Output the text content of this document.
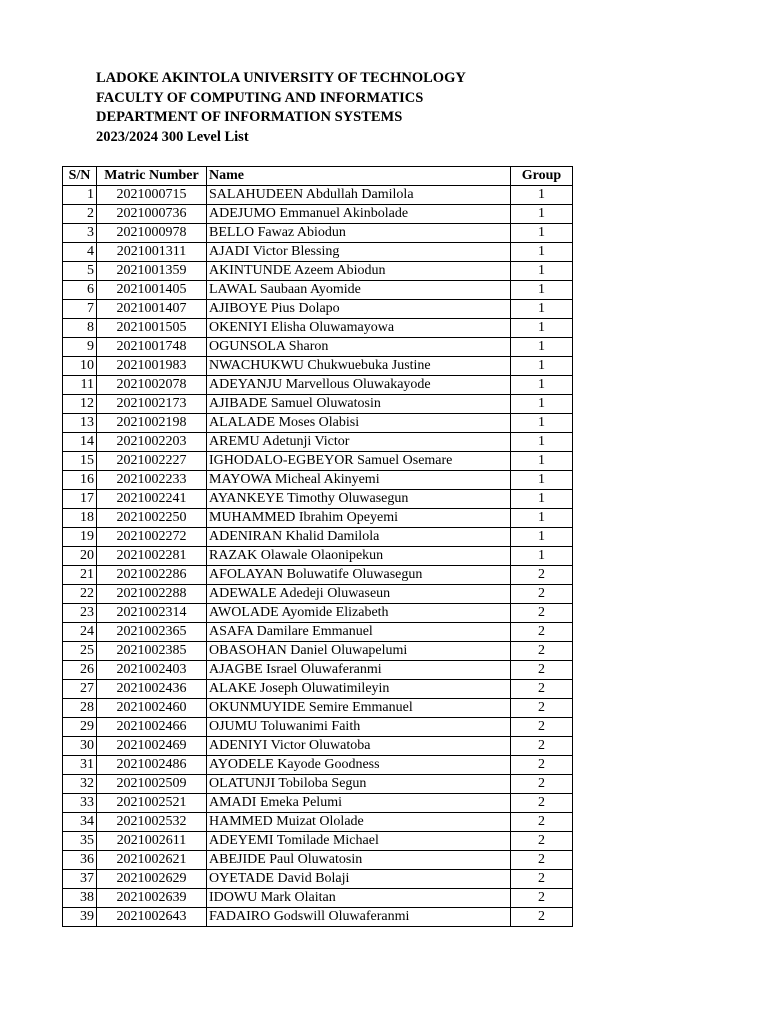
LADOKE AKINTOLA UNIVERSITY OF TECHNOLOGY
FACULTY OF COMPUTING AND INFORMATICS
DEPARTMENT OF INFORMATION SYSTEMS
2023/2024 300 Level List
S/N	Matric Number	Name	Group
1	2021000715	SALAHUDEEN Abdullah Damilola	1
2	2021000736	ADEJUMO Emmanuel Akinbolade	1
3	2021000978	BELLO Fawaz Abiodun	1
4	2021001311	AJADI Victor Blessing	1
5	2021001359	AKINTUNDE Azeem Abiodun	1
6	2021001405	LAWAL Saubaan Ayomide	1
7	2021001407	AJIBOYE Pius Dolapo	1
8	2021001505	OKENIYI Elisha Oluwamayowa	1
9	2021001748	OGUNSOLA Sharon	1
10	2021001983	NWACHUKWU Chukwuebuka Justine	1
11	2021002078	ADEYANJU Marvellous Oluwakayode	1
12	2021002173	AJIBADE Samuel Oluwatosin	1
13	2021002198	ALALADE Moses Olabisi	1
14	2021002203	AREMU Adetunji Victor	1
15	2021002227	IGHODALO-EGBEYOR Samuel Osemare	1
16	2021002233	MAYOWA Micheal Akinyemi	1
17	2021002241	AYANKEYE Timothy Oluwasegun	1
18	2021002250	MUHAMMED Ibrahim Opeyemi	1
19	2021002272	ADENIRAN Khalid Damilola	1
20	2021002281	RAZAK Olawale Olaonipekun	1
21	2021002286	AFOLAYAN Boluwatife Oluwasegun	2
22	2021002288	ADEWALE Adedeji Oluwaseun	2
23	2021002314	AWOLADE Ayomide Elizabeth	2
24	2021002365	ASAFA Damilare Emmanuel	2
25	2021002385	OBASOHAN Daniel Oluwapelumi	2
26	2021002403	AJAGBE Israel Oluwaferanmi	2
27	2021002436	ALAKE Joseph Oluwatimileyin	2
28	2021002460	OKUNMUYIDE Semire Emmanuel	2
29	2021002466	OJUMU Toluwanimi Faith	2
30	2021002469	ADENIYI Victor Oluwatoba	2
31	2021002486	AYODELE Kayode Goodness	2
32	2021002509	OLATUNJI Tobiloba Segun	2
33	2021002521	AMADI Emeka Pelumi	2
34	2021002532	HAMMED Muizat Ololade	2
35	2021002611	ADEYEMI Tomilade Michael	2
36	2021002621	ABEJIDE Paul Oluwatosin	2
37	2021002629	OYETADE David Bolaji	2
38	2021002639	IDOWU Mark Olaitan	2
39	2021002643	FADAIRO Godswill Oluwaferanmi	2
